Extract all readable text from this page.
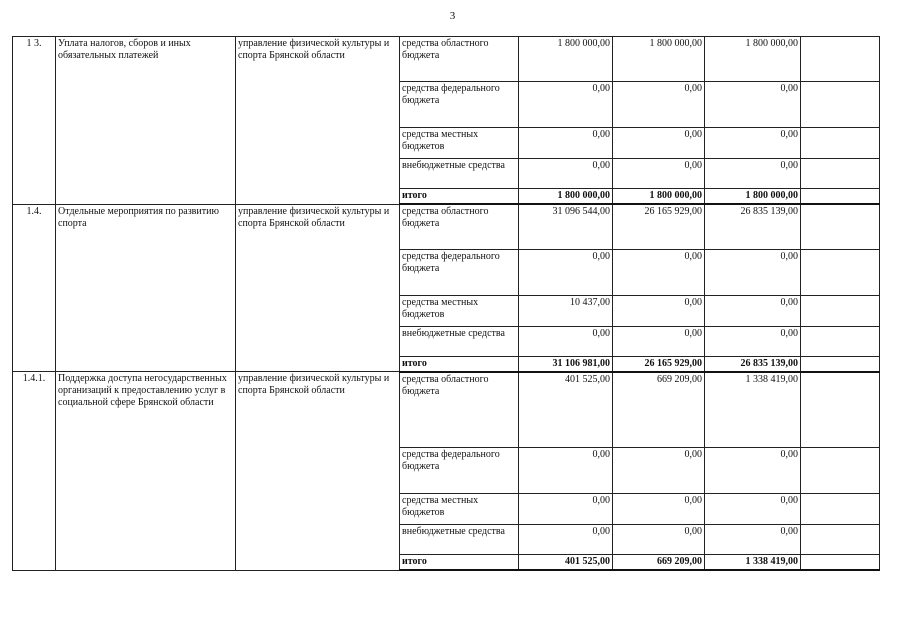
3
1 3.	Уплата налогов, сборов и иных обязательных платежей	управление физической культуры и спорта Брянской области	средства областного бюджета	1 800 000,00	1 800 000,00	1 800 000,00	
			средства федерального бюджета	0,00	0,00	0,00	
			средства местных бюджетов	0,00	0,00	0,00	
			внебюджетные средства	0,00	0,00	0,00	
			итого	1 800 000,00	1 800 000,00	1 800 000,00	
1.4.	Отдельные мероприятия по развитию спорта	управление физической культуры и спорта Брянской области	средства областного бюджета	31 096 544,00	26 165 929,00	26 835 139,00	
			средства федерального бюджета	0,00	0,00	0,00	
			средства местных бюджетов	10 437,00	0,00	0,00	
			внебюджетные средства	0,00	0,00	0,00	
			итого	31 106 981,00	26 165 929,00	26 835 139,00	
1.4.1.	Поддержка доступа негосударственных организаций к предоставлению услуг в социальной сфере Брянской области	управление физической культуры и спорта Брянской области	средства областного бюджета	401 525,00	669 209,00	1 338 419,00	
			средства федерального бюджета	0,00	0,00	0,00	
			средства местных бюджетов	0,00	0,00	0,00	
			внебюджетные средства	0,00	0,00	0,00	
			итого	401 525,00	669 209,00	1 338 419,00	
